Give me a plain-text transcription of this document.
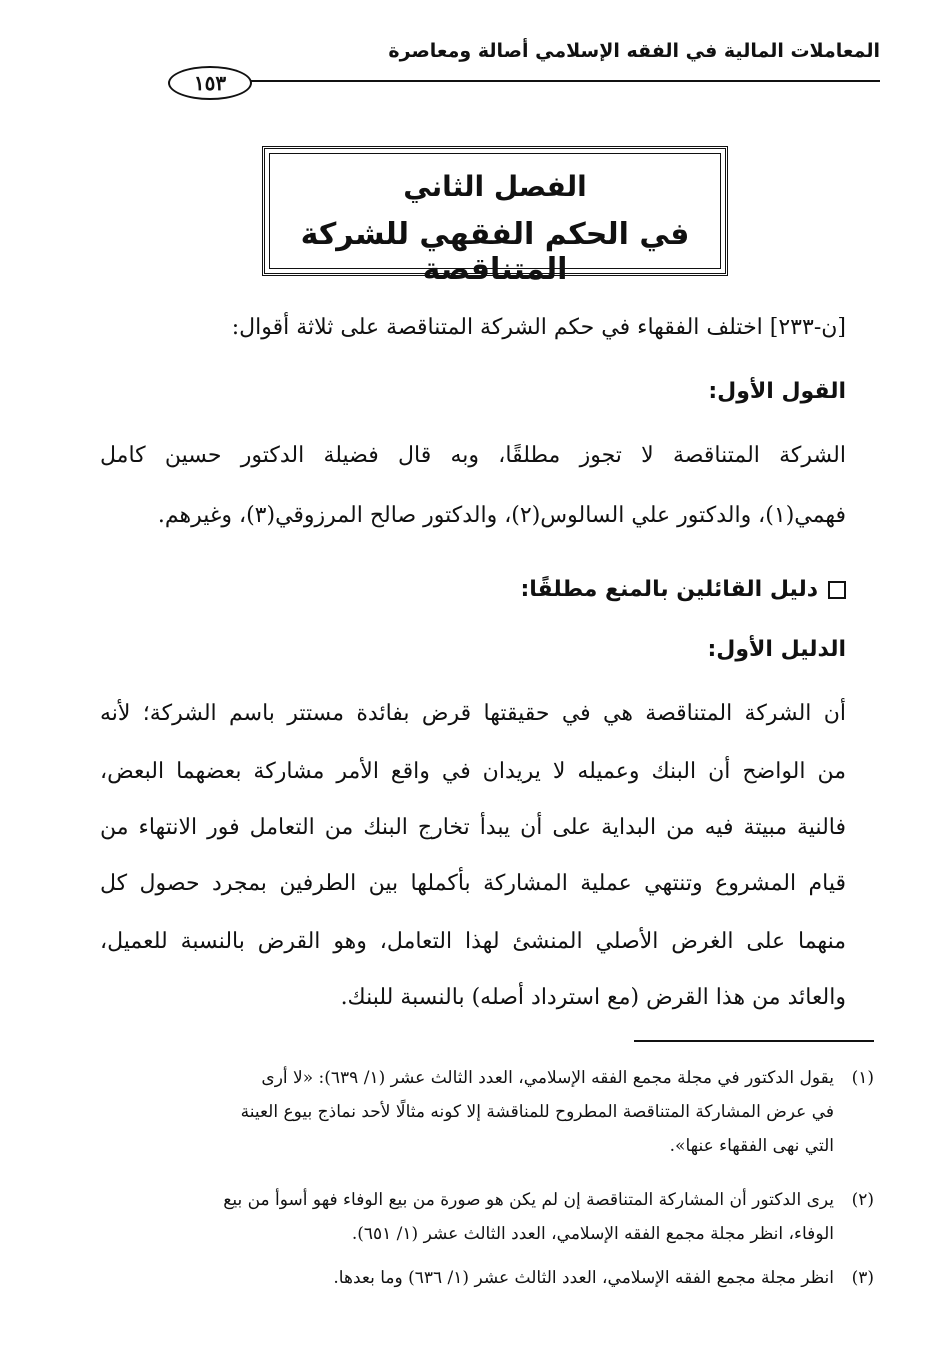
المعاملات المالية في الفقه الإسلامي أصالة ومعاصرة
١٥٣
الفصل الثاني
في الحكم الفقهي للشركة المتناقصة
[ن-٢٣٣] اختلف الفقهاء في حكم الشركة المتناقصة على ثلاثة أقوال:
القول الأول:
الشركة المتناقصة لا تجوز مطلقًا، وبه قال فضيلة الدكتور حسين كامل
فهمي(١)، والدكتور علي السالوس(٢)، والدكتور صالح المرزوقي(٣)، وغيرهم.
دليل القائلين بالمنع مطلقًا:
الدليل الأول:
أن الشركة المتناقصة هي في حقيقتها قرض بفائدة مستتر باسم الشركة؛ لأنه
من الواضح أن البنك وعميله لا يريدان في واقع الأمر مشاركة بعضهما البعض،
فالنية مبيتة فيه من البداية على أن يبدأ تخارج البنك من التعامل فور الانتهاء من
قيام المشروع وتنتهي عملية المشاركة بأكملها بين الطرفين بمجرد حصول كل
منهما على الغرض الأصلي المنشئ لهذا التعامل، وهو القرض بالنسبة للعميل،
والعائد من هذا القرض (مع استرداد أصله) بالنسبة للبنك.
(١)يقول الدكتور في مجلة مجمع الفقه الإسلامي، العدد الثالث عشر (١/ ٦٣٩): «لا أرى
في عرض المشاركة المتناقصة المطروح للمناقشة إلا كونه مثالًا لأحد نماذج بيوع العينة
التي نهى الفقهاء عنها».
(٢)يرى الدكتور أن المشاركة المتناقصة إن لم يكن هو صورة من بيع الوفاء فهو أسوأ من بيع
الوفاء، انظر مجلة مجمع الفقه الإسلامي، العدد الثالث عشر (١/ ٦٥١).
(٣)انظر مجلة مجمع الفقه الإسلامي، العدد الثالث عشر (١/ ٦٣٦) وما بعدها.
